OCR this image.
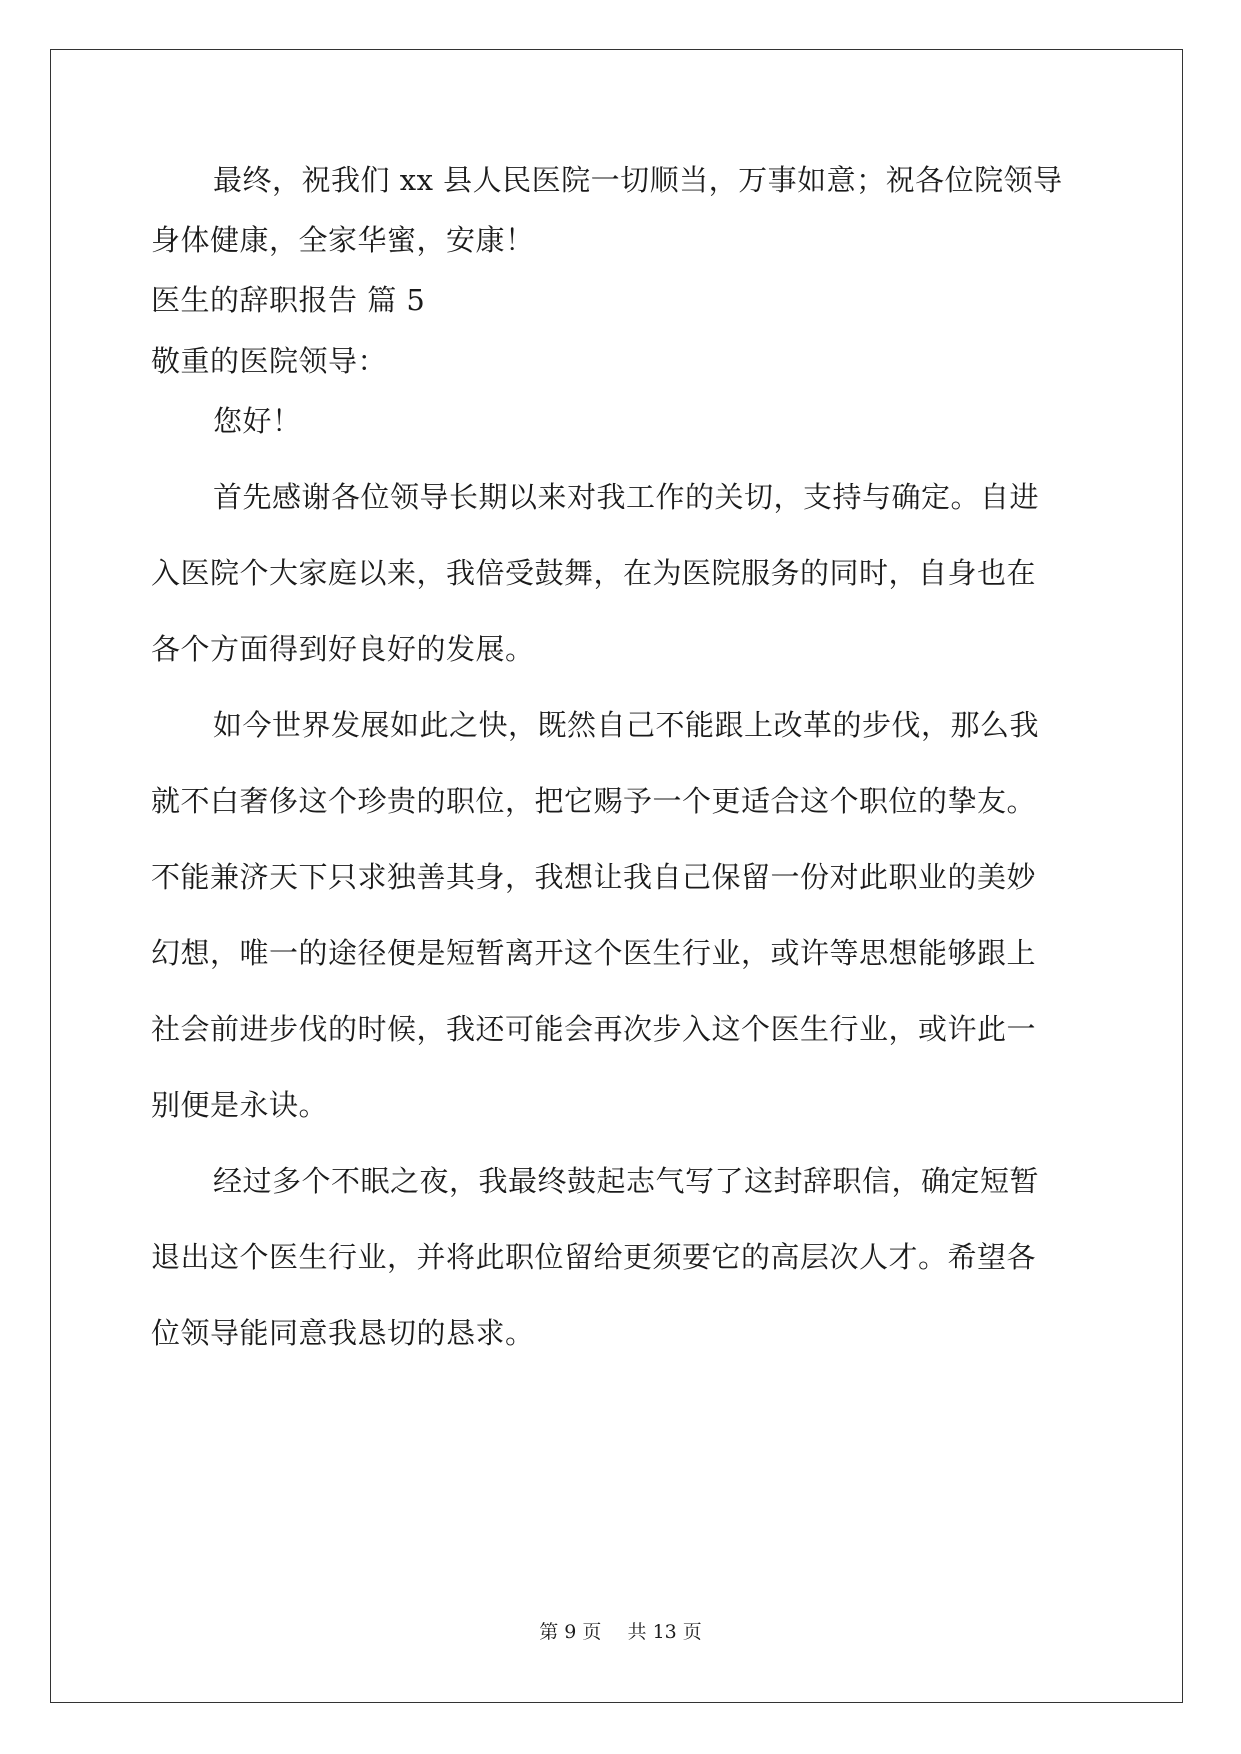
最终，祝我们 xx 县人民医院一切顺当，万事如意；祝各位院领导
身体健康，全家华蜜，安康！
医生的辞职报告 篇 5
敬重的医院领导：
您好！
首先感谢各位领导长期以来对我工作的关切，支持与确定。自进
入医院个大家庭以来，我倍受鼓舞，在为医院服务的同时，自身也在
各个方面得到好良好的发展。
如今世界发展如此之快，既然自己不能跟上改革的步伐，那么我
就不白奢侈这个珍贵的职位，把它赐予一个更适合这个职位的挚友。
不能兼济天下只求独善其身，我想让我自己保留一份对此职业的美妙
幻想，唯一的途径便是短暂离开这个医生行业，或许等思想能够跟上
社会前进步伐的时候，我还可能会再次步入这个医生行业，或许此一
别便是永诀。
经过多个不眠之夜，我最终鼓起志气写了这封辞职信，确定短暂
退出这个医生行业，并将此职位留给更须要它的高层次人才。希望各
位领导能同意我恳切的恳求。
第 9 页 共 13 页
